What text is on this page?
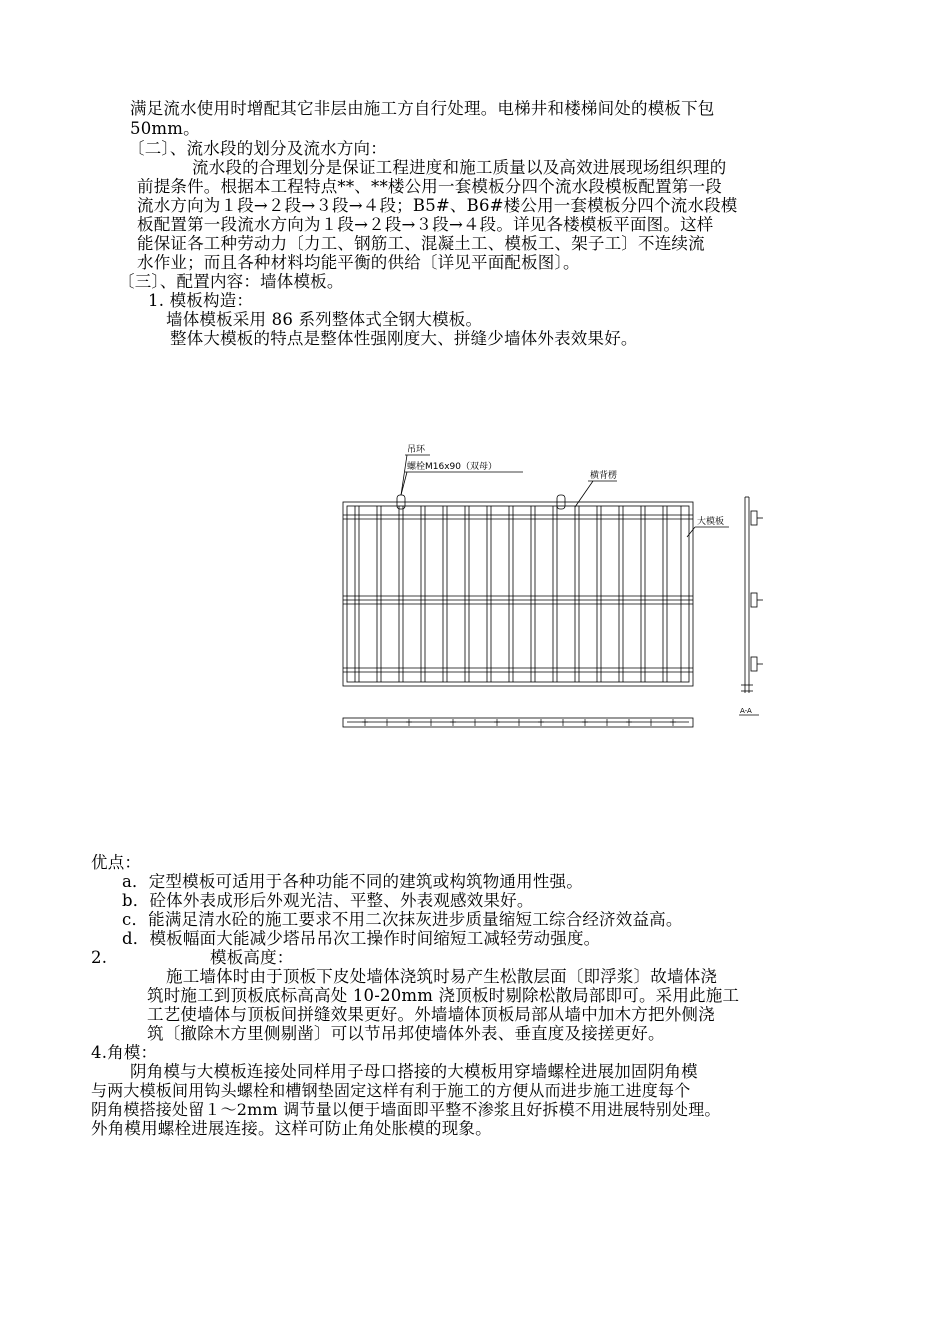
满足流水使用时增配其它非层由施工方自行处理。电梯井和楼梯间处的模板下包
50mm。
〔二〕、流水段的划分及流水方向：
流水段的合理划分是保证工程进度和施工质量以及高效进展现场组织理的
前提条件。根据本工程特点**、**楼公用一套模板分四个流水段模板配置第一段
流水方向为１段→２段→３段→４段；B5#、B6#楼公用一套模板分四个流水段模
板配置第一段流水方向为１段→２段→３段→４段。详见各楼模板平面图。这样
能保证各工种劳动力〔力工、钢筋工、混凝土工、模板工、架子工〕不连续流
水作业；而且各种材料均能平衡的供给〔详见平面配板图〕。
〔三〕、配置内容：墙体模板。
1. 模板构造：
墙体模板采用 86 系列整体式全钢大模板。
整体大模板的特点是整体性强刚度大、拼缝少墙体外表效果好。
吊环
螺栓M16x90（双母）
横背楞
大模板
A-A
优点：
a．定型模板可适用于各种功能不同的建筑或构筑物通用性强。
b．砼体外表成形后外观光洁、平整、外表观感效果好。
c．能满足清水砼的施工要求不用二次抹灰进步质量缩短工综合经济效益高。
d．模板幅面大能减少塔吊吊次工操作时间缩短工减轻劳动强度。
2.	模板高度：
施工墙体时由于顶板下皮处墙体浇筑时易产生松散层面〔即浮浆〕故墙体浇
筑时施工到顶板底标高高处 10-20mm 浇顶板时剔除松散局部即可。采用此施工
工艺使墙体与顶板间拼缝效果更好。外墙墙体顶板局部从墙中加木方把外侧浇
筑〔撤除木方里侧剔凿〕可以节吊邦使墙体外表、垂直度及接搓更好。
4.角模：
阴角模与大模板连接处同样用子母口搭接的大模板用穿墙螺栓进展加固阴角模
与两大模板间用钩头螺栓和槽钢垫固定这样有利于施工的方便从而进步施工进度每个
阴角模搭接处留１～2mm 调节量以便于墙面即平整不渗浆且好拆模不用进展特别处理。
外角模用螺栓进展连接。这样可防止角处胀模的现象。
